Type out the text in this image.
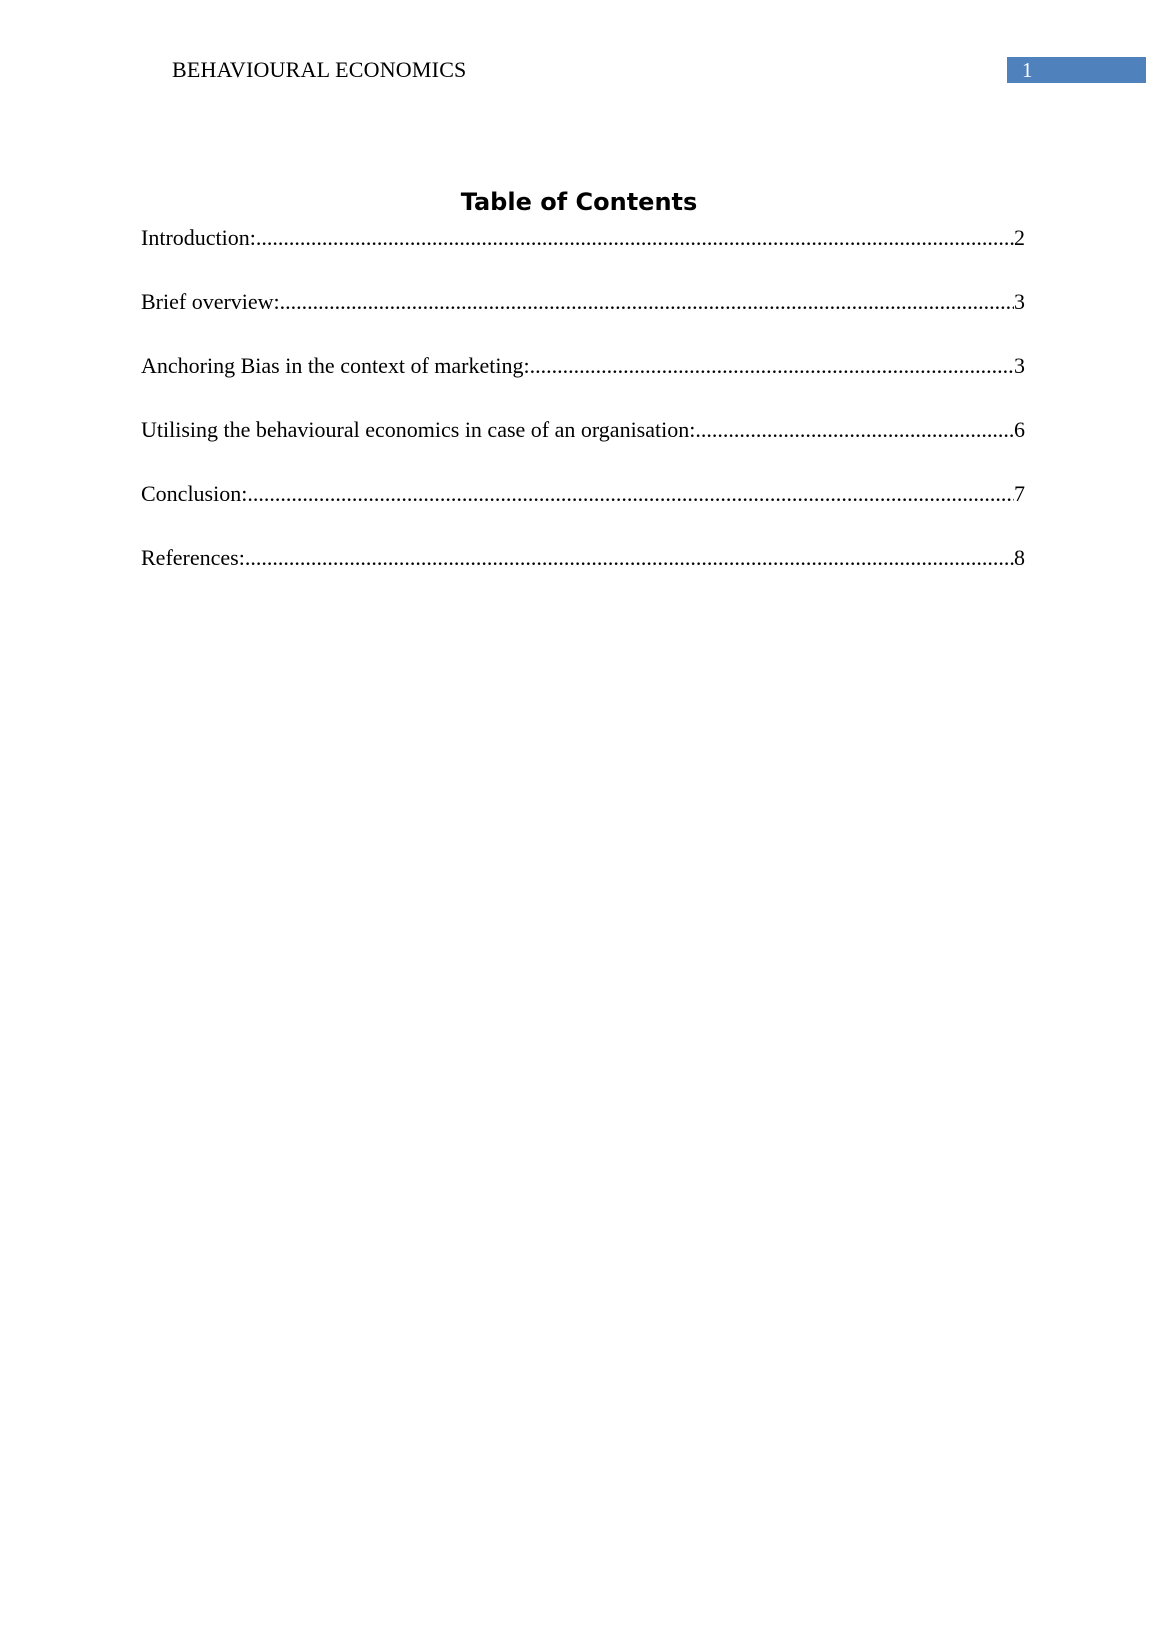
BEHAVIOURAL ECONOMICS	1
Table of Contents
Introduction: .....	2
Brief overview: .....	3
Anchoring Bias in the context of marketing: .....	3
Utilising the behavioural economics in case of an organisation: .....	6
Conclusion: .....	7
References: .....	8
